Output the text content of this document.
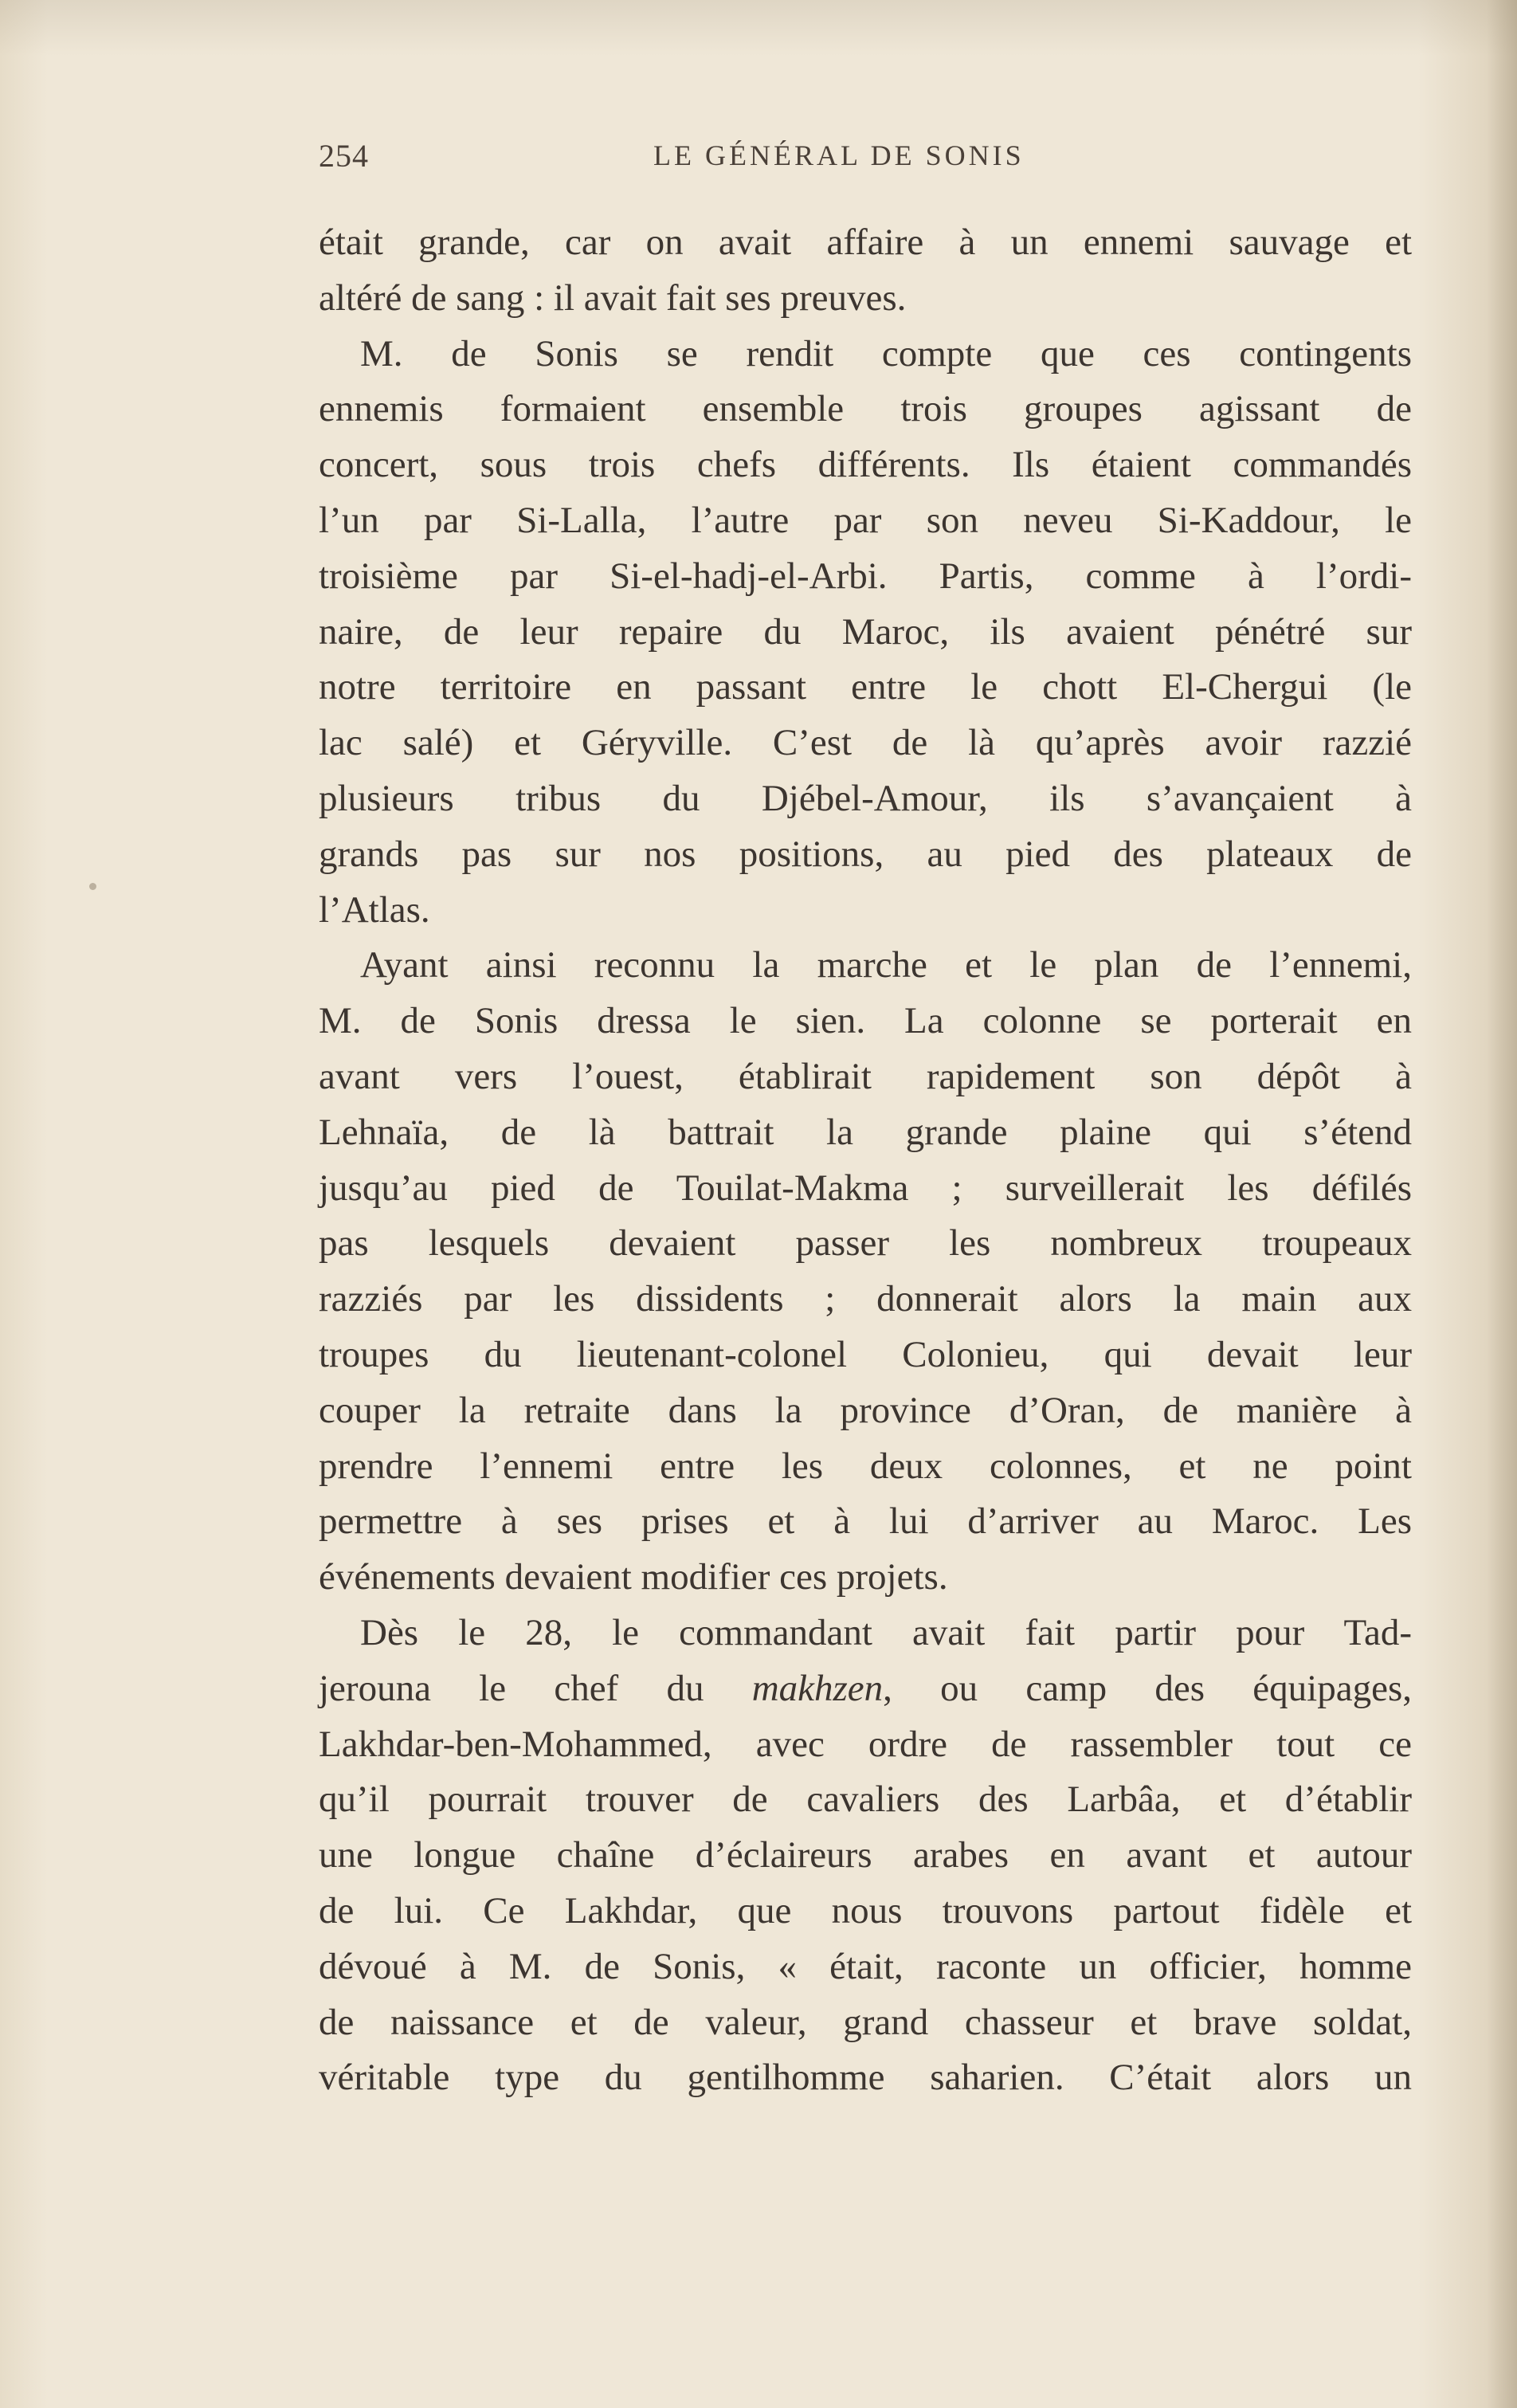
254	LE GÉNÉRAL DE SONIS
était grande, car on avait affaire à un ennemi sauvage et
altéré de sang : il avait fait ses preuves.
M. de Sonis se rendit compte que ces contingents
ennemis formaient ensemble trois groupes agissant de
concert, sous trois chefs différents. Ils étaient commandés
l’un par Si-Lalla, l’autre par son neveu Si-Kaddour, le
troisième par Si-el-hadj-el-Arbi. Partis, comme à l’ordi-
naire, de leur repaire du Maroc, ils avaient pénétré sur
notre territoire en passant entre le chott El-Chergui (le
lac salé) et Géryville. C’est de là qu’après avoir razzié
plusieurs tribus du Djébel-Amour, ils s’avançaient à
grands pas sur nos positions, au pied des plateaux de
l’Atlas.
Ayant ainsi reconnu la marche et le plan de l’ennemi,
M. de Sonis dressa le sien. La colonne se porterait en
avant vers l’ouest, établirait rapidement son dépôt à
Lehnaïa, de là battrait la grande plaine qui s’étend
jusqu’au pied de Touilat-Makma ; surveillerait les défilés
pas lesquels devaient passer les nombreux troupeaux
razziés par les dissidents ; donnerait alors la main aux
troupes du lieutenant-colonel Colonieu, qui devait leur
couper la retraite dans la province d’Oran, de manière à
prendre l’ennemi entre les deux colonnes, et ne point
permettre à ses prises et à lui d’arriver au Maroc. Les
événements devaient modifier ces projets.
Dès le 28, le commandant avait fait partir pour Tad-
jerouna le chef du makhzen, ou camp des équipages,
Lakhdar-ben-Mohammed, avec ordre de rassembler tout ce
qu’il pourrait trouver de cavaliers des Larbâa, et d’établir
une longue chaîne d’éclaireurs arabes en avant et autour
de lui. Ce Lakhdar, que nous trouvons partout fidèle et
dévoué à M. de Sonis, « était, raconte un officier, homme
de naissance et de valeur, grand chasseur et brave soldat,
véritable type du gentilhomme saharien. C’était alors un
